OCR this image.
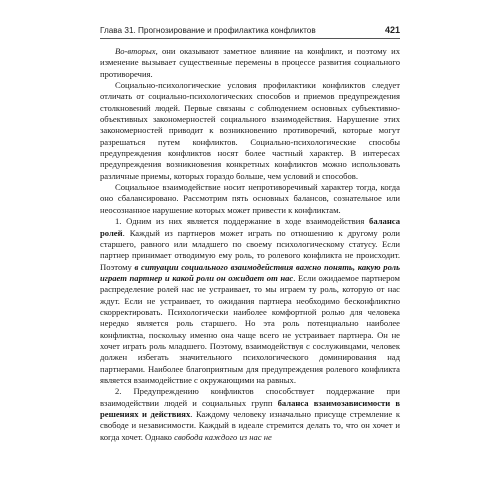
Глава 31. Прогнозирование и профилактика конфликтов	421

Во-вторых, они оказывают заметное влияние на конфликт, и поэтому их изменение вызывает существенные перемены в процессе развития социального противоречия.

Социально-психологические условия профилактики конфликтов следует отличать от социально-психологических способов и приемов предупреждения столкновений людей. Первые связаны с соблюдением основных субъективно-объективных закономерностей социального взаимодействия. Нарушение этих закономерностей приводит к возникновению противоречий, которые могут разрешаться путем конфликтов. Социально-психологические способы предупреждения конфликтов носят более частный характер. В интересах предупреждения возникновения конкретных конфликтов можно использовать различные приемы, которых гораздо больше, чем условий и способов.

Социальное взаимодействие носит непротиворечивый характер тогда, когда оно сбалансировано. Рассмотрим пять основных балансов, сознательное или неосознанное нарушение которых может привести к конфликтам.

1. Одним из них является поддержание в ходе взаимодействия баланса ролей. Каждый из партнеров может играть по отношению к другому роли старшего, равного или младшего по своему психологическому статусу. Если партнер принимает отводимую ему роль, то ролевого конфликта не происходит. Поэтому в ситуации социального взаимодействия важно понять, какую роль играет партнер и какой роли он ожидает от нас. Если ожидаемое партнером распределение ролей нас не устраивает, то мы играем ту роль, которую от нас ждут. Если не устраивает, то ожидания партнера необходимо бесконфликтно скорректировать. Психологически наиболее комфортной ролью для человека нередко является роль старшего. Но эта роль потенциально наиболее конфликтна, поскольку именно она чаще всего не устраивает партнера. Он не хочет играть роль младшего. Поэтому, взаимодействуя с сослуживцами, человек должен избегать значительного психологического доминирования над партнерами. Наиболее благоприятным для предупреждения ролевого конфликта является взаимодействие с окружающими на равных.

2. Предупреждению конфликтов способствует поддержание при взаимодействии людей и социальных групп баланса взаимозависимости в решениях и действиях. Каждому человеку изначально присуще стремление к свободе и независимости. Каждый в идеале стремится делать то, что он хочет и когда хочет. Однако свобода каждого из нас не
